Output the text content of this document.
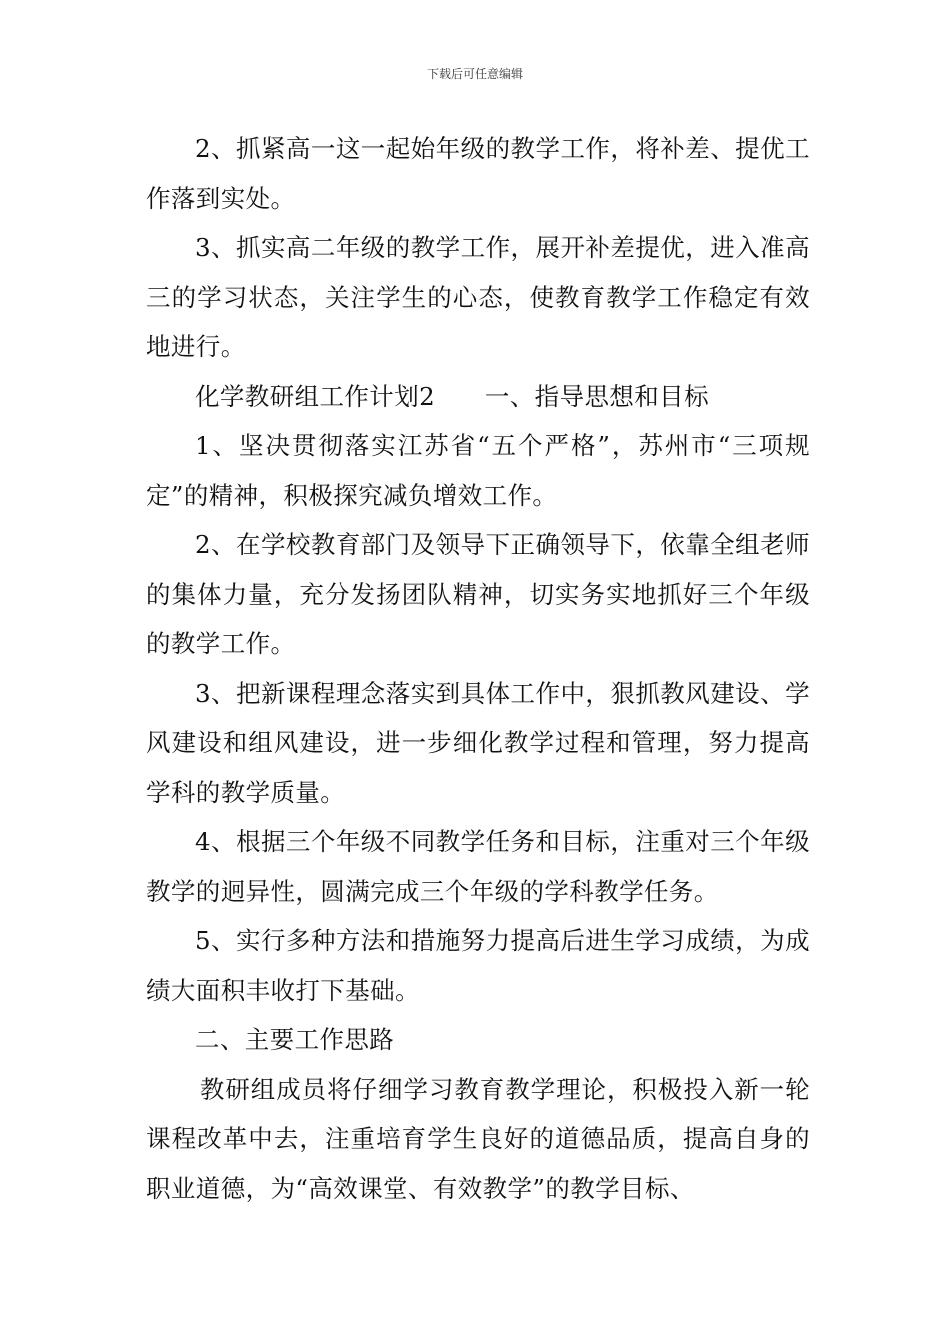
下载后可任意编辑

2、抓紧高一这一起始年级的教学工作，将补差、提优工作落到实处。

3、抓实高二年级的教学工作，展开补差提优，进入准高三的学习状态，关注学生的心态，使教育教学工作稳定有效地进行。

化学教研组工作计划2　　一、指导思想和目标

1、坚决贯彻落实江苏省“五个严格”，苏州市“三项规定”的精神，积极探究减负增效工作。

2、在学校教育部门及领导下正确领导下，依靠全组老师的集体力量，充分发扬团队精神，切实务实地抓好三个年级的教学工作。

3、把新课程理念落实到具体工作中，狠抓教风建设、学风建设和组风建设，进一步细化教学过程和管理，努力提高学科的教学质量。

4、根据三个年级不同教学任务和目标，注重对三个年级教学的迥异性，圆满完成三个年级的学科教学任务。

5、实行多种方法和措施努力提高后进生学习成绩，为成绩大面积丰收打下基础。

二、主要工作思路

教研组成员将仔细学习教育教学理论，积极投入新一轮课程改革中去，注重培育学生良好的道德品质，提高自身的职业道德，为“高效课堂、有效教学”的教学目标、
